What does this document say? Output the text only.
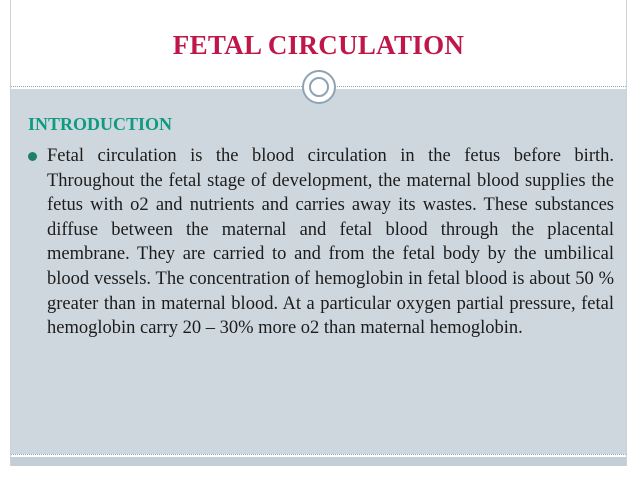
FETAL CIRCULATION
INTRODUCTION

Fetal circulation is the blood circulation in the fetus before birth. Throughout the fetal stage of development, the maternal blood supplies the fetus with o2 and nutrients and carries away its wastes. These substances diffuse between the maternal and fetal blood through the placental membrane. They are carried to and from the fetal body by the umbilical blood vessels. The concentration of hemoglobin in fetal blood is about 50 % greater than in maternal blood. At a particular oxygen partial pressure, fetal hemoglobin carry 20 – 30% more o2 than maternal hemoglobin.
